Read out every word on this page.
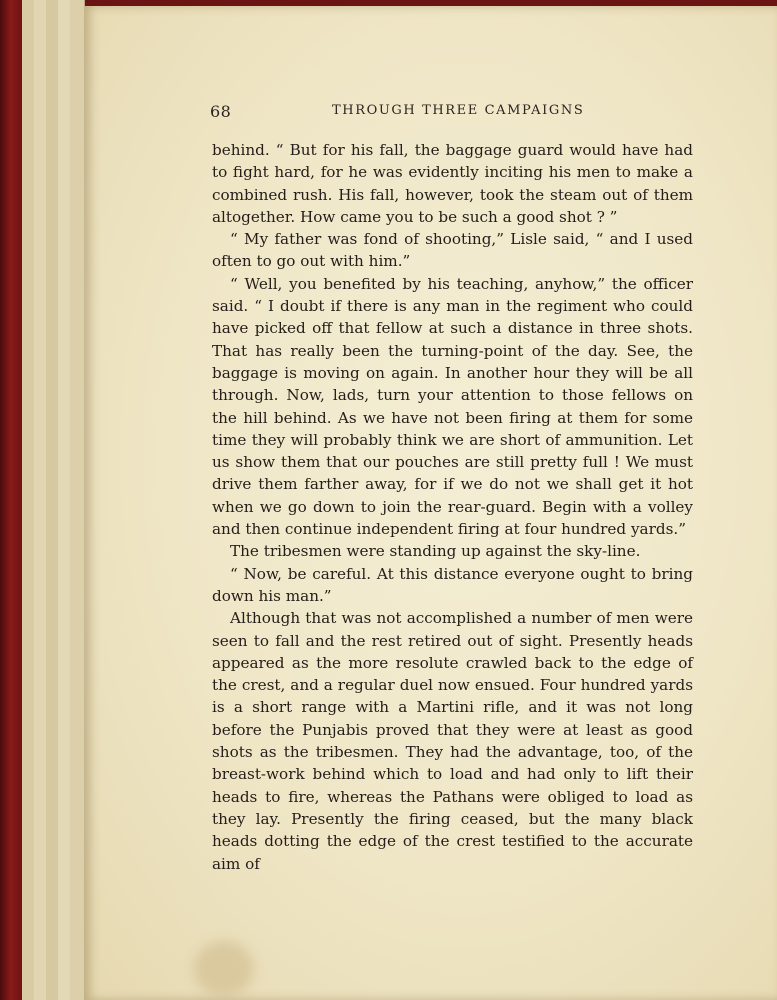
68	THROUGH THREE CAMPAIGNS

behind. “ But for his fall, the baggage guard would have had to fight hard, for he was evidently inciting his men to make a combined rush. His fall, however, took the steam out of them altogether. How came you to be such a good shot ? ”

“ My father was fond of shooting,” Lisle said, “ and I used often to go out with him.”

“ Well, you benefited by his teaching, anyhow,” the officer said. “ I doubt if there is any man in the regiment who could have picked off that fellow at such a distance in three shots. That has really been the turning-point of the day. See, the baggage is moving on again. In another hour they will be all through. Now, lads, turn your attention to those fellows on the hill behind. As we have not been firing at them for some time they will probably think we are short of ammunition. Let us show them that our pouches are still pretty full ! We must drive them farther away, for if we do not we shall get it hot when we go down to join the rear-guard. Begin with a volley and then continue independent firing at four hundred yards.”

The tribesmen were standing up against the sky-line.

“ Now, be careful. At this distance everyone ought to bring down his man.”

Although that was not accomplished a number of men were seen to fall and the rest retired out of sight. Presently heads appeared as the more resolute crawled back to the edge of the crest, and a regular duel now ensued. Four hundred yards is a short range with a Martini rifle, and it was not long before the Punjabis proved that they were at least as good shots as the tribesmen. They had the advantage, too, of the breast-work behind which to load and had only to lift their heads to fire, whereas the Pathans were obliged to load as they lay. Presently the firing ceased, but the many black heads dotting the edge of the crest testified to the accurate aim of
